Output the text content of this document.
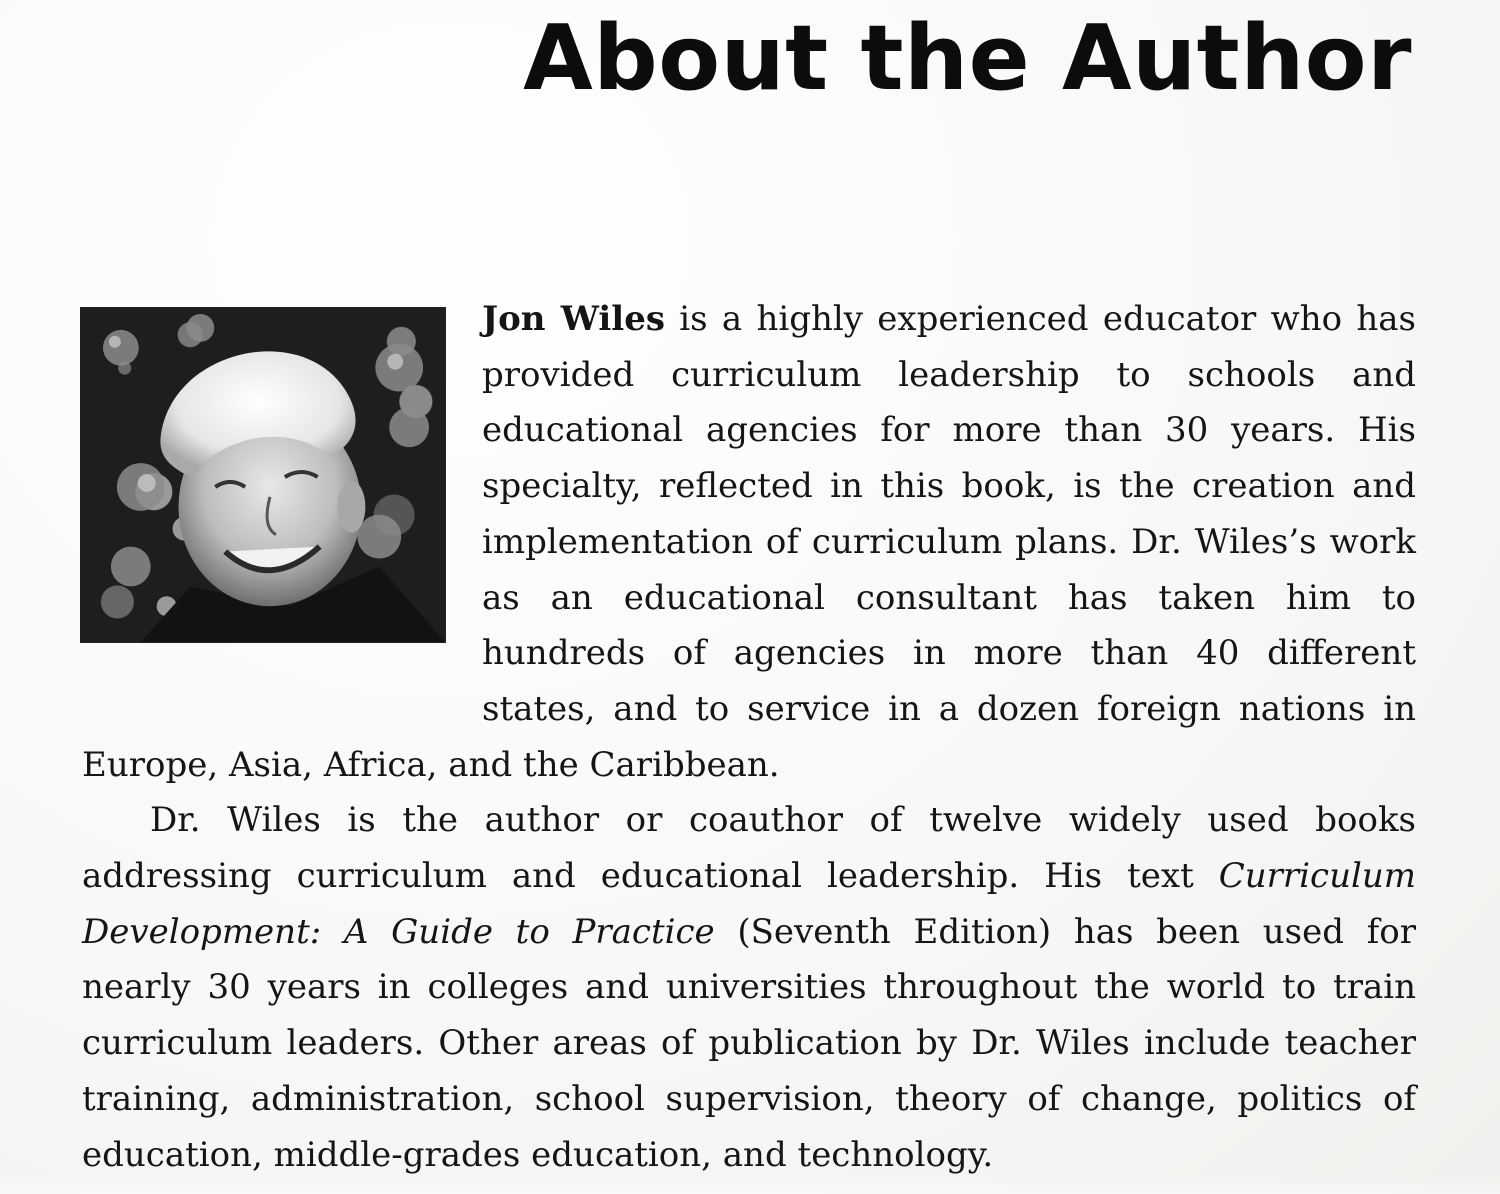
About the Author

Jon Wiles is a highly experienced educator who has provided curriculum leadership to schools and educational agencies for more than 30 years. His specialty, reflected in this book, is the creation and implementation of curriculum plans. Dr. Wiles’s work as an educational consultant has taken him to hundreds of agencies in more than 40 different states, and to service in a dozen foreign nations in Europe, Asia, Africa, and the Caribbean.

Dr. Wiles is the author or coauthor of twelve widely used books addressing curriculum and educational leadership. His text Curriculum Development: A Guide to Practice (Seventh Edition) has been used for nearly 30 years in colleges and universities throughout the world to train curriculum leaders. Other areas of publication by Dr. Wiles include teacher training, administration, school supervision, theory of change, politics of education, middle-grades education, and technology.
